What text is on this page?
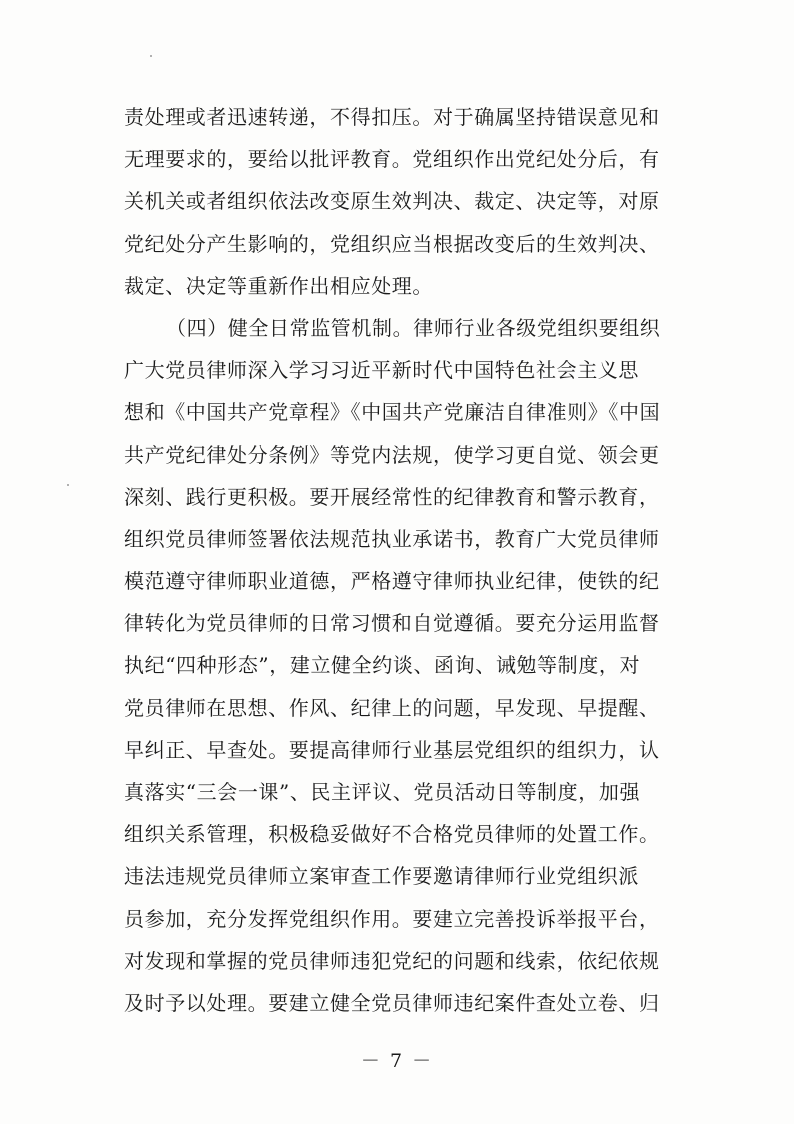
责处理或者迅速转递，不得扣压。对于确属坚持错误意见和
无理要求的，要给以批评教育。党组织作出党纪处分后，有
关机关或者组织依法改变原生效判决、裁定、决定等，对原
党纪处分产生影响的，党组织应当根据改变后的生效判决、
裁定、决定等重新作出相应处理。
（四）健全日常监管机制。律师行业各级党组织要组织
广大党员律师深入学习习近平新时代中国特色社会主义思
想和《中国共产党章程》《中国共产党廉洁自律准则》《中国
共产党纪律处分条例》等党内法规，使学习更自觉、领会更
深刻、践行更积极。要开展经常性的纪律教育和警示教育，
组织党员律师签署依法规范执业承诺书，教育广大党员律师
模范遵守律师职业道德，严格遵守律师执业纪律，使铁的纪
律转化为党员律师的日常习惯和自觉遵循。要充分运用监督
执纪“四种形态”，建立健全约谈、函询、诫勉等制度，对
党员律师在思想、作风、纪律上的问题，早发现、早提醒、
早纠正、早查处。要提高律师行业基层党组织的组织力，认
真落实“三会一课”、民主评议、党员活动日等制度，加强
组织关系管理，积极稳妥做好不合格党员律师的处置工作。
违法违规党员律师立案审查工作要邀请律师行业党组织派
员参加，充分发挥党组织作用。要建立完善投诉举报平台，
对发现和掌握的党员律师违犯党纪的问题和线索，依纪依规
及时予以处理。要建立健全党员律师违纪案件查处立卷、归
－ 7 －
